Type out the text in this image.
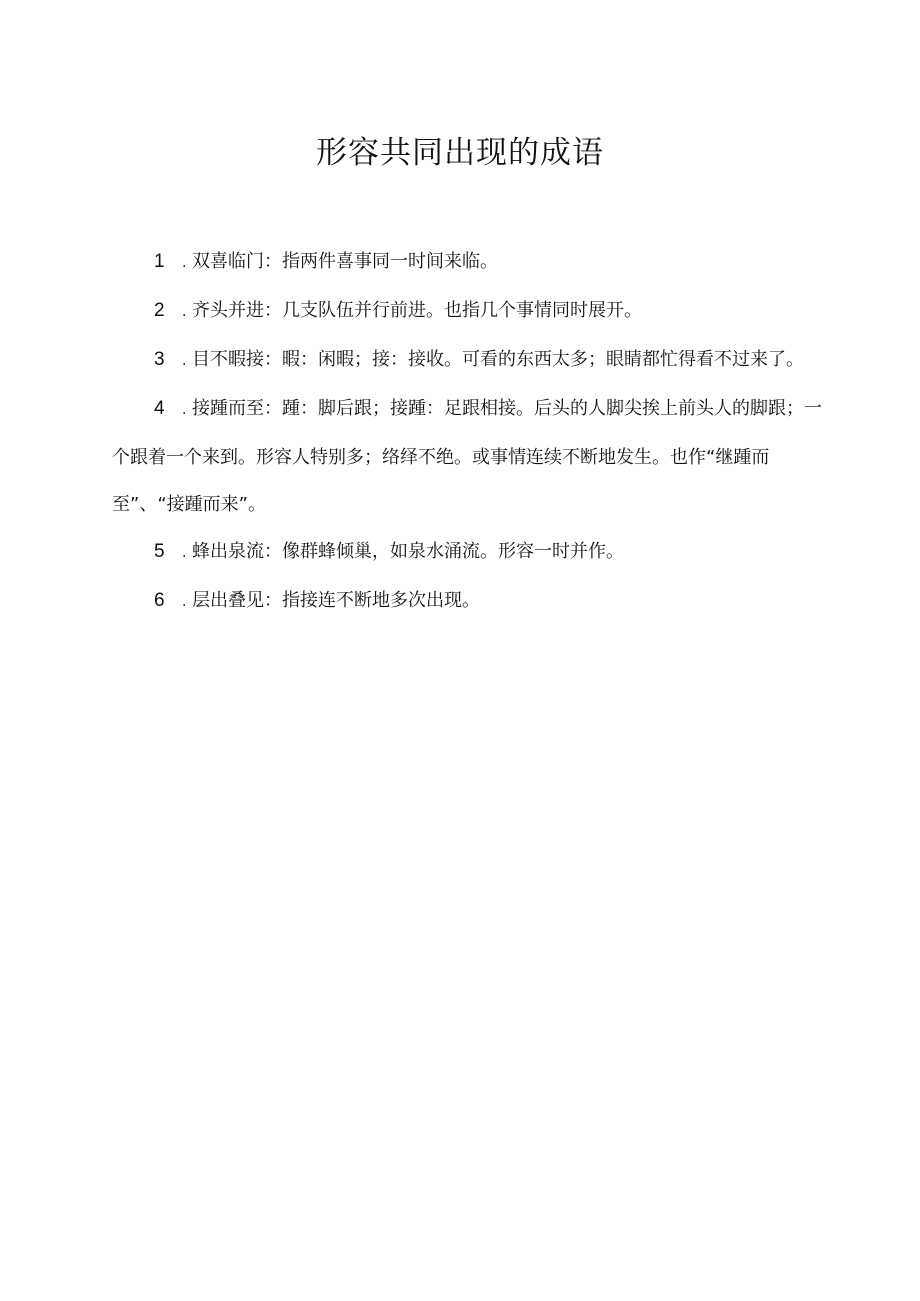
形容共同出现的成语

1 . 双喜临门：指两件喜事同一时间来临。

2 . 齐头并进：几支队伍并行前进。也指几个事情同时展开。

3 . 目不暇接：暇：闲暇；接：接收。可看的东西太多；眼睛都忙得看不过来了。

4 . 接踵而至：踵：脚后跟；接踵：足跟相接。后头的人脚尖挨上前头人的脚跟；一个跟着一个来到。形容人特别多；络绎不绝。或事情连续不断地发生。也作“继踵而至”、“接踵而来”。

5 . 蜂出泉流：像群蜂倾巢，如泉水涌流。形容一时并作。

6 . 层出叠见：指接连不断地多次出现。
